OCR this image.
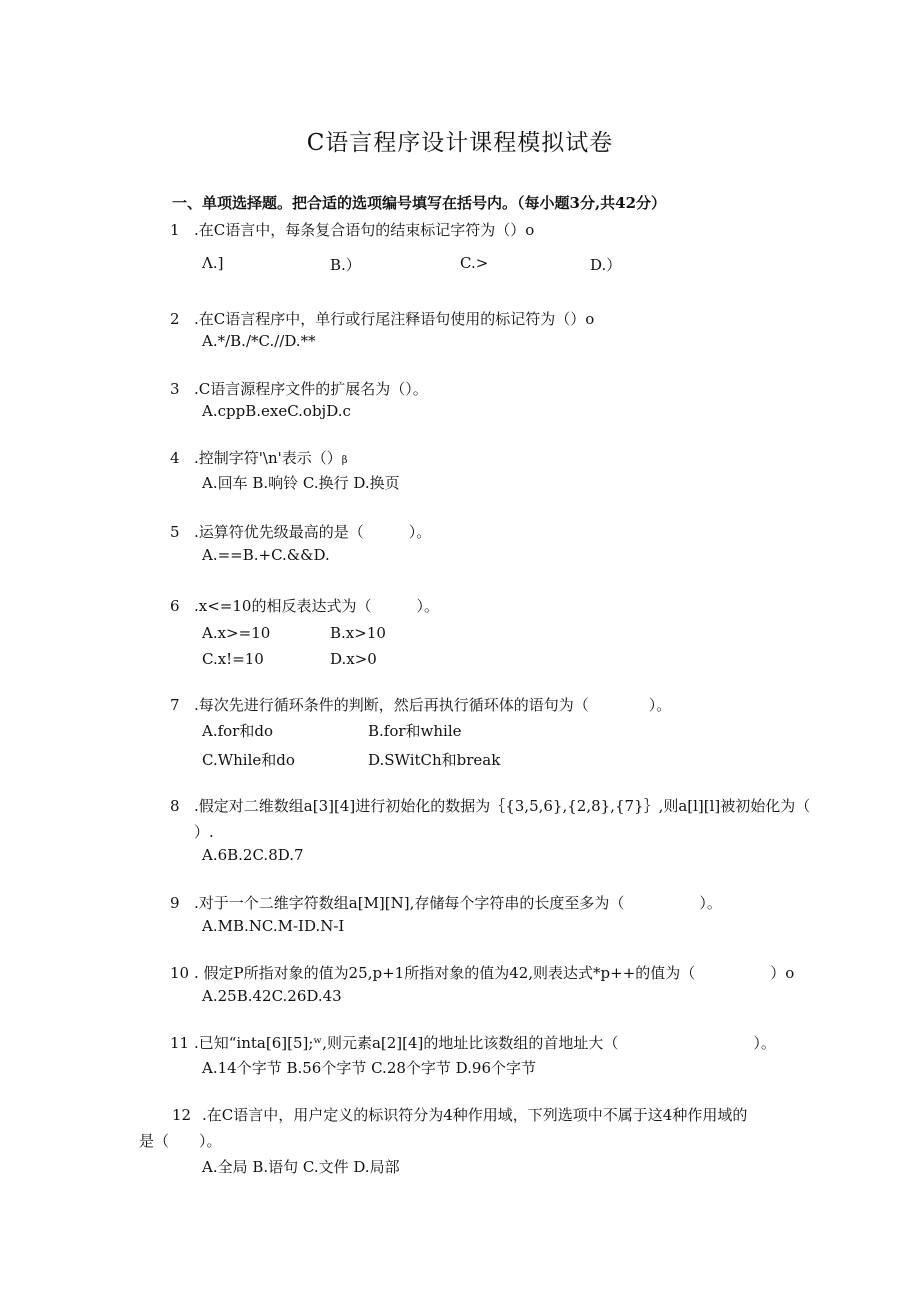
C语言程序设计课程模拟试卷
一、单项选择题。把合适的选项编号填写在括号内。（每小题3分,共42分）
1 .在C语言中，每条复合语句的结束标记字符为（）o
Λ.]	B.）	C.>	D.）
2 .在C语言程序中，单行或行尾注释语句使用的标记符为（）o
A.*/B./*C.//D.**
3 .C语言源程序文件的扩展名为（）。
A.cppB.exeC.objD.c
4 .控制字符'\n'表示（）β
A.回车 B.响铃 C.换行 D.换页
5 .运算符优先级最高的是（　　　）。
A.==B.+C.&&D.
6 .x<=10的相反表达式为（　　　）。
A.x>=10	B.x>10
C.x!=10	D.x>0
7 .每次先进行循环条件的判断，然后再执行循环体的语句为（　　　　）。
A.for和do	B.for和while
C.While和do	D.SWitCh和break
8 .假定对二维数组a[3][4]进行初始化的数据为｛{3,5,6},{2,8},{7}｝,则a[l][l]被初始化为（
）.
A.6B.2C.8D.7
9 .对于一个二维字符数组a[M][N],存储每个字符串的长度至多为（　　　　　）。
A.MB.NC.M-ID.N-I
10 . 假定P所指对象的值为25,p+1所指对象的值为42,则表达式*p++的值为（　　　　　）o
A.25B.42C.26D.43
11 .已知“inta[6][5];ʷ,则元素a[2][4]的地址比该数组的首地址大（　　　　　　　　　）。
A.14个字节 B.56个字节 C.28个字节 D.96个字节
12 .在C语言中，用户定义的标识符分为4种作用域，下列选项中不属于这4种作用域的
是（　　）。
A.全局 B.语句 C.文件 D.局部
